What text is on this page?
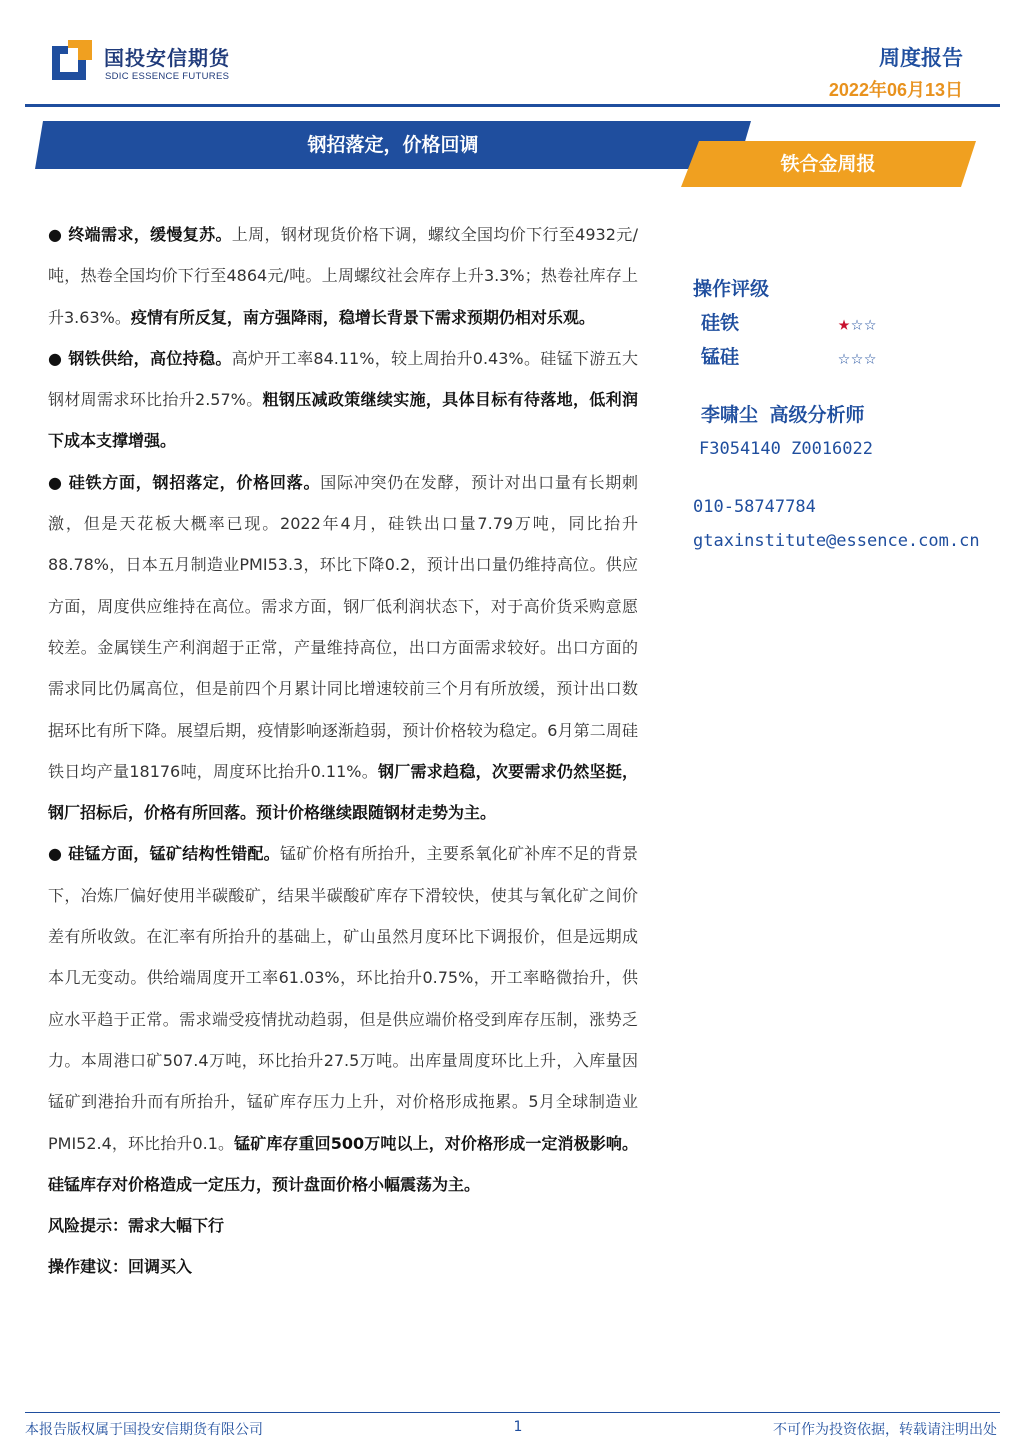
国投安信期货
SDIC ESSENCE FUTURES
周度报告
2022年06月13日
钢招落定，价格回调
铁合金周报

● 终端需求，缓慢复苏。上周，钢材现货价格下调，螺纹全国均价下行至4932元/吨，热卷全国均价下行至4864元/吨。上周螺纹社会库存上升3.3%；热卷社库存上升3.63%。疫情有所反复，南方强降雨，稳增长背景下需求预期仍相对乐观。

● 钢铁供给，高位持稳。高炉开工率84.11%，较上周抬升0.43%。硅锰下游五大钢材周需求环比抬升2.57%。粗钢压减政策继续实施，具体目标有待落地，低利润下成本支撑增强。

● 硅铁方面，钢招落定，价格回落。国际冲突仍在发酵，预计对出口量有长期刺激，但是天花板大概率已现。2022年4月，硅铁出口量7.79万吨，同比抬升88.78%，日本五月制造业PMI53.3，环比下降0.2，预计出口量仍维持高位。供应方面，周度供应维持在高位。需求方面，钢厂低利润状态下，对于高价货采购意愿较差。金属镁生产利润超于正常，产量维持高位，出口方面需求较好。出口方面的需求同比仍属高位，但是前四个月累计同比增速较前三个月有所放缓，预计出口数据环比有所下降。展望后期，疫情影响逐渐趋弱，预计价格较为稳定。6月第二周硅铁日均产量18176吨，周度环比抬升0.11%。钢厂需求趋稳，次要需求仍然坚挺，钢厂招标后，价格有所回落。预计价格继续跟随钢材走势为主。

● 硅锰方面，锰矿结构性错配。锰矿价格有所抬升，主要系氧化矿补库不足的背景下，冶炼厂偏好使用半碳酸矿，结果半碳酸矿库存下滑较快，使其与氧化矿之间价差有所收敛。在汇率有所抬升的基础上，矿山虽然月度环比下调报价，但是远期成本几无变动。供给端周度开工率61.03%，环比抬升0.75%，开工率略微抬升，供应水平趋于正常。需求端受疫情扰动趋弱，但是供应端价格受到库存压制，涨势乏力。本周港口矿507.4万吨，环比抬升27.5万吨。出库量周度环比上升，入库量因锰矿到港抬升而有所抬升，锰矿库存压力上升，对价格形成拖累。5月全球制造业PMI52.4，环比抬升0.1。锰矿库存重回500万吨以上，对价格形成一定消极影响。硅锰库存对价格造成一定压力，预计盘面价格小幅震荡为主。

风险提示：需求大幅下行

操作建议：回调买入

操作评级
硅铁	★☆☆
锰硅	☆☆☆
李啸尘 高级分析师
F3054140 Z0016022
010-58747784
gtaxinstitute@essence.com.cn
本报告版权属于国投安信期货有限公司	1	不可作为投资依据，转载请注明出处
